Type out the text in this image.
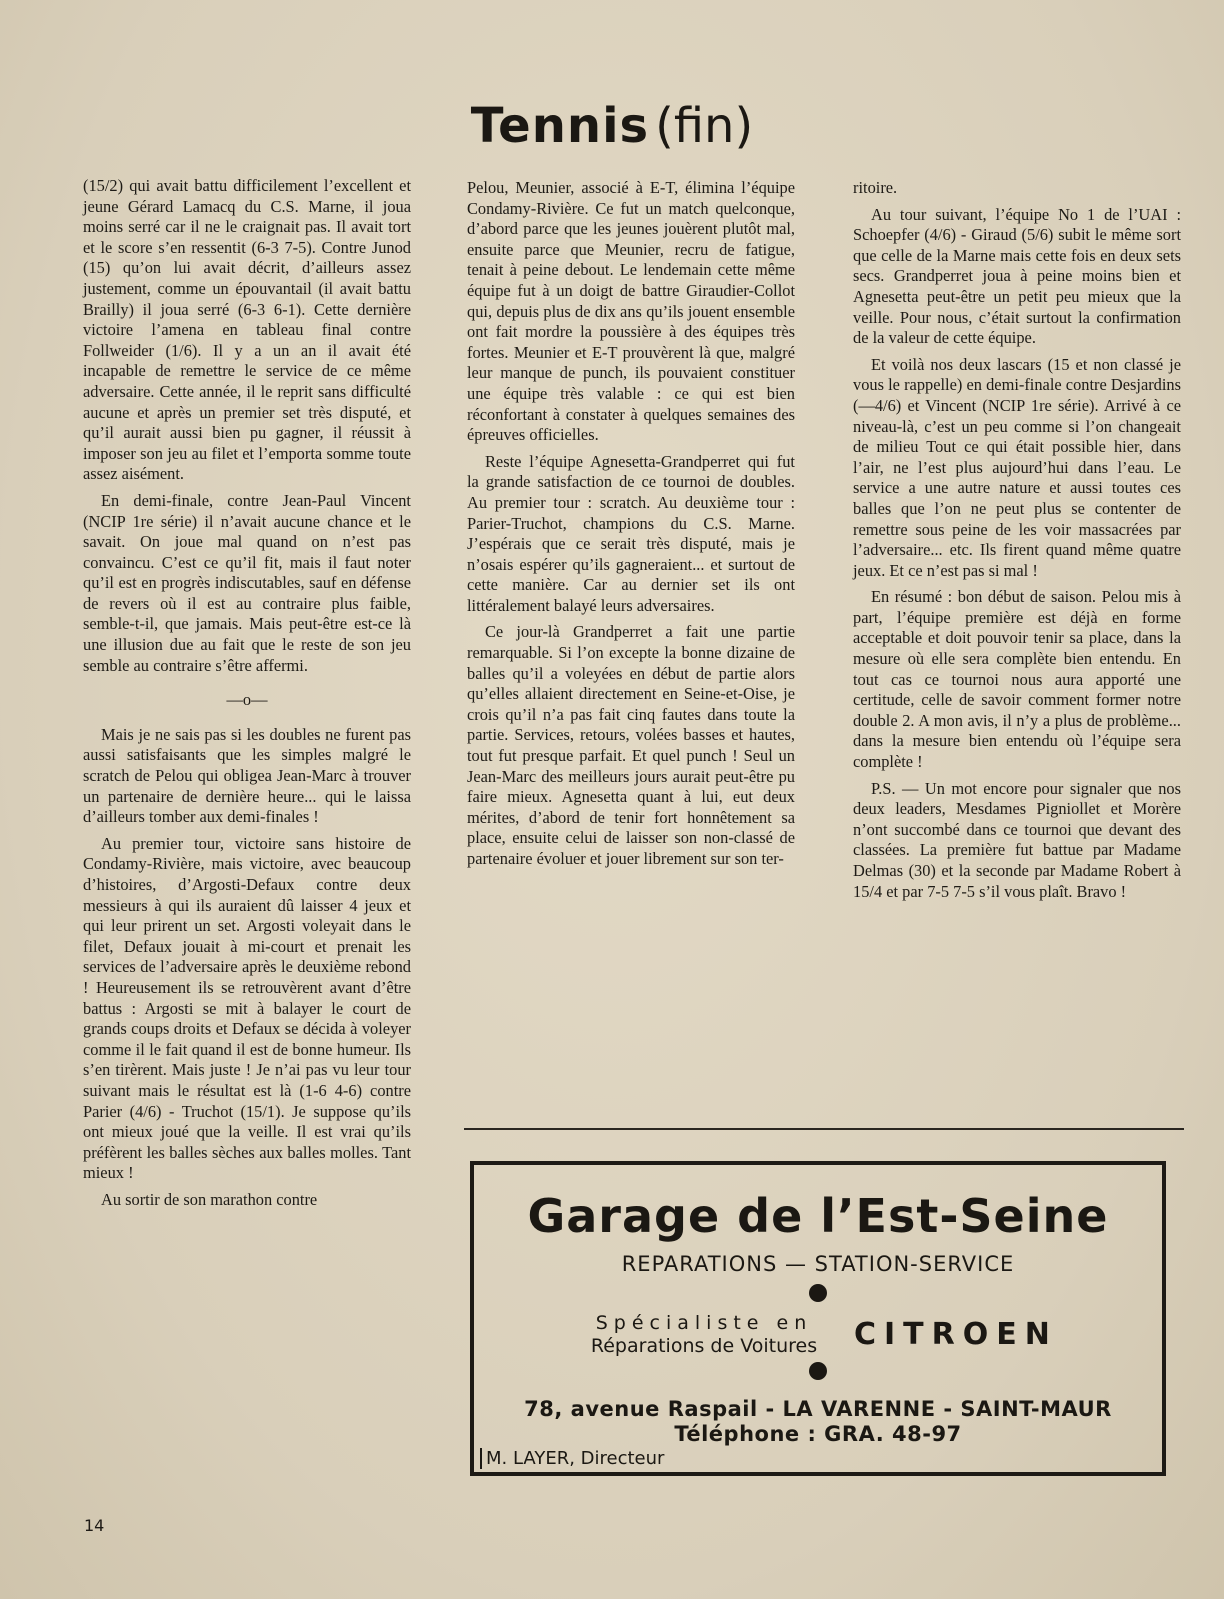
Tennis (fin)

(15/2) qui avait battu difficilement l’excellent et jeune Gérard Lamacq du C.S. Marne, il joua moins serré car il ne le craignait pas. Il avait tort et le score s’en ressentit (6-3 7-5). Contre Junod (15) qu’on lui avait décrit, d’ailleurs assez justement, comme un épouvantail (il avait battu Brailly) il joua serré (6-3 6-1). Cette dernière victoire l’amena en tableau final contre Follweider (1/6). Il y a un an il avait été incapable de remettre le service de ce même adversaire. Cette année, il le reprit sans difficulté aucune et après un premier set très disputé, et qu’il aurait aussi bien pu gagner, il réussit à imposer son jeu au filet et l’emporta somme toute assez aisément.

En demi-finale, contre Jean-Paul Vincent (NCIP 1re série) il n’avait aucune chance et le savait. On joue mal quand on n’est pas convaincu. C’est ce qu’il fit, mais il faut noter qu’il est en progrès indiscutables, sauf en défense de revers où il est au contraire plus faible, semble-t-il, que jamais. Mais peut-être est-ce là une illusion due au fait que le reste de son jeu semble au contraire s’être affermi.

—o—

Mais je ne sais pas si les doubles ne furent pas aussi satisfaisants que les simples malgré le scratch de Pelou qui obligea Jean-Marc à trouver un partenaire de dernière heure... qui le laissa d’ailleurs tomber aux demi-finales !

Au premier tour, victoire sans histoire de Condamy-Rivière, mais victoire, avec beaucoup d’histoires, d’Argosti-Defaux contre deux messieurs à qui ils auraient dû laisser 4 jeux et qui leur prirent un set. Argosti voleyait dans le filet, Defaux jouait à mi-court et prenait les services de l’adversaire après le deuxième rebond ! Heureusement ils se retrouvèrent avant d’être battus : Argosti se mit à balayer le court de grands coups droits et Defaux se décida à voleyer comme il le fait quand il est de bonne humeur. Ils s’en tirèrent. Mais juste ! Je n’ai pas vu leur tour suivant mais le résultat est là (1-6 4-6) contre Parier (4/6) - Truchot (15/1). Je suppose qu’ils ont mieux joué que la veille. Il est vrai qu’ils préfèrent les balles sèches aux balles molles. Tant mieux !

Au sortir de son marathon contre

Pelou, Meunier, associé à E-T, élimina l’équipe Condamy-Rivière. Ce fut un match quelconque, d’abord parce que les jeunes jouèrent plutôt mal, ensuite parce que Meunier, recru de fatigue, tenait à peine debout. Le lendemain cette même équipe fut à un doigt de battre Giraudier-Collot qui, depuis plus de dix ans qu’ils jouent ensemble ont fait mordre la poussière à des équipes très fortes. Meunier et E-T prouvèrent là que, malgré leur manque de punch, ils pouvaient constituer une équipe très valable : ce qui est bien réconfortant à constater à quelques semaines des épreuves officielles.

Reste l’équipe Agnesetta-Grandperret qui fut la grande satisfaction de ce tournoi de doubles. Au premier tour : scratch. Au deuxième tour : Parier-Truchot, champions du C.S. Marne. J’espérais que ce serait très disputé, mais je n’osais espérer qu’ils gagneraient... et surtout de cette manière. Car au dernier set ils ont littéralement balayé leurs adversaires.

Ce jour-là Grandperret a fait une partie remarquable. Si l’on excepte la bonne dizaine de balles qu’il a voleyées en début de partie alors qu’elles allaient directement en Seine-et-Oise, je crois qu’il n’a pas fait cinq fautes dans toute la partie. Services, retours, volées basses et hautes, tout fut presque parfait. Et quel punch ! Seul un Jean-Marc des meilleurs jours aurait peut-être pu faire mieux. Agnesetta quant à lui, eut deux mérites, d’abord de tenir fort honnêtement sa place, ensuite celui de laisser son non-classé de partenaire évoluer et jouer librement sur son ter-

ritoire.

Au tour suivant, l’équipe No 1 de l’UAI : Schoepfer (4/6) - Giraud (5/6) subit le même sort que celle de la Marne mais cette fois en deux sets secs. Grandperret joua à peine moins bien et Agnesetta peut-être un petit peu mieux que la veille. Pour nous, c’était surtout la confirmation de la valeur de cette équipe.

Et voilà nos deux lascars (15 et non classé je vous le rappelle) en demi-finale contre Desjardins (—4/6) et Vincent (NCIP 1re série). Arrivé à ce niveau-là, c’est un peu comme si l’on changeait de milieu Tout ce qui était possible hier, dans l’air, ne l’est plus aujourd’hui dans l’eau. Le service a une autre nature et aussi toutes ces balles que l’on ne peut plus se contenter de remettre sous peine de les voir massacrées par l’adversaire... etc. Ils firent quand même quatre jeux. Et ce n’est pas si mal !

En résumé : bon début de saison. Pelou mis à part, l’équipe première est déjà en forme acceptable et doit pouvoir tenir sa place, dans la mesure où elle sera complète bien entendu. En tout cas ce tournoi nous aura apporté une certitude, celle de savoir comment former notre double 2. A mon avis, il n’y a plus de problème... dans la mesure bien entendu où l’équipe sera complète !

P.S. — Un mot encore pour signaler que nos deux leaders, Mesdames Pigniollet et Morère n’ont succombé dans ce tournoi que devant des classées. La première fut battue par Madame Delmas (30) et la seconde par Madame Robert à 15/4 et par 7-5 7-5 s’il vous plaît. Bravo !

Garage de l’Est-Seine
REPARATIONS — STATION-SERVICE
Spécialiste en
Réparations de Voitures	CITROEN
78, avenue Raspail - LA VARENNE - SAINT-MAUR
Téléphone : GRA. 48-97
M. LAYER, Directeur
14
